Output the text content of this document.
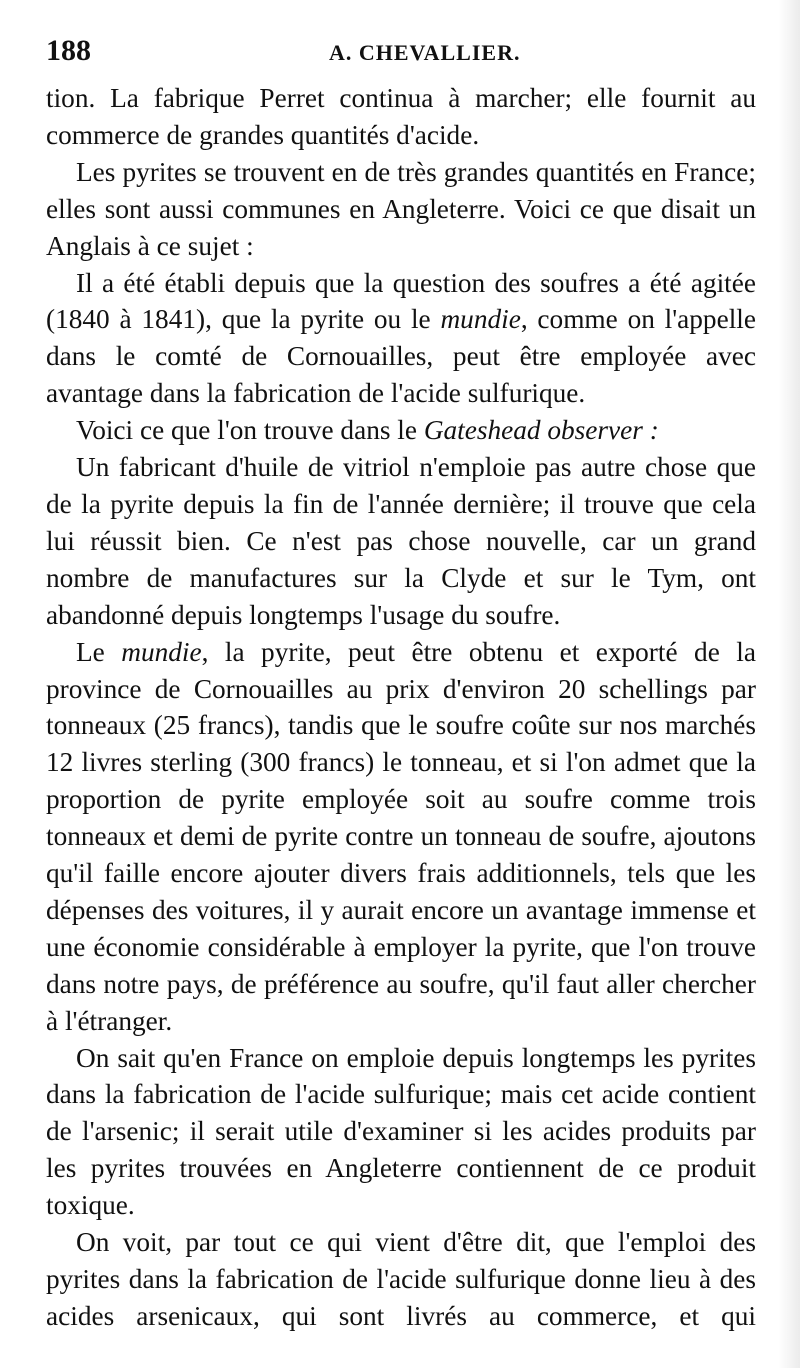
188	A. CHEVALLIER.

tion. La fabrique Perret continua à marcher; elle fournit au commerce de grandes quantités d'acide.

Les pyrites se trouvent en de très grandes quantités en France; elles sont aussi communes en Angleterre. Voici ce que disait un Anglais à ce sujet :

Il a été établi depuis que la question des soufres a été agitée (1840 à 1841), que la pyrite ou le mundie, comme on l'appelle dans le comté de Cornouailles, peut être employée avec avantage dans la fabrication de l'acide sulfurique.

Voici ce que l'on trouve dans le Gateshead observer :

Un fabricant d'huile de vitriol n'emploie pas autre chose que de la pyrite depuis la fin de l'année dernière; il trouve que cela lui réussit bien. Ce n'est pas chose nouvelle, car un grand nombre de manufactures sur la Clyde et sur le Tym, ont abandonné depuis longtemps l'usage du soufre.

Le mundie, la pyrite, peut être obtenu et exporté de la province de Cornouailles au prix d'environ 20 schellings par tonneaux (25 francs), tandis que le soufre coûte sur nos marchés 12 livres sterling (300 francs) le tonneau, et si l'on admet que la proportion de pyrite employée soit au soufre comme trois tonneaux et demi de pyrite contre un tonneau de soufre, ajoutons qu'il faille encore ajouter divers frais additionnels, tels que les dépenses des voitures, il y aurait encore un avantage immense et une économie considérable à employer la pyrite, que l'on trouve dans notre pays, de préférence au soufre, qu'il faut aller chercher à l'étranger.

On sait qu'en France on emploie depuis longtemps les pyrites dans la fabrication de l'acide sulfurique; mais cet acide contient de l'arsenic; il serait utile d'examiner si les acides produits par les pyrites trouvées en Angleterre contiennent de ce produit toxique.

On voit, par tout ce qui vient d'être dit, que l'emploi des pyrites dans la fabrication de l'acide sulfurique donne lieu à des acides arsenicaux, qui sont livrés au commerce, et qui
